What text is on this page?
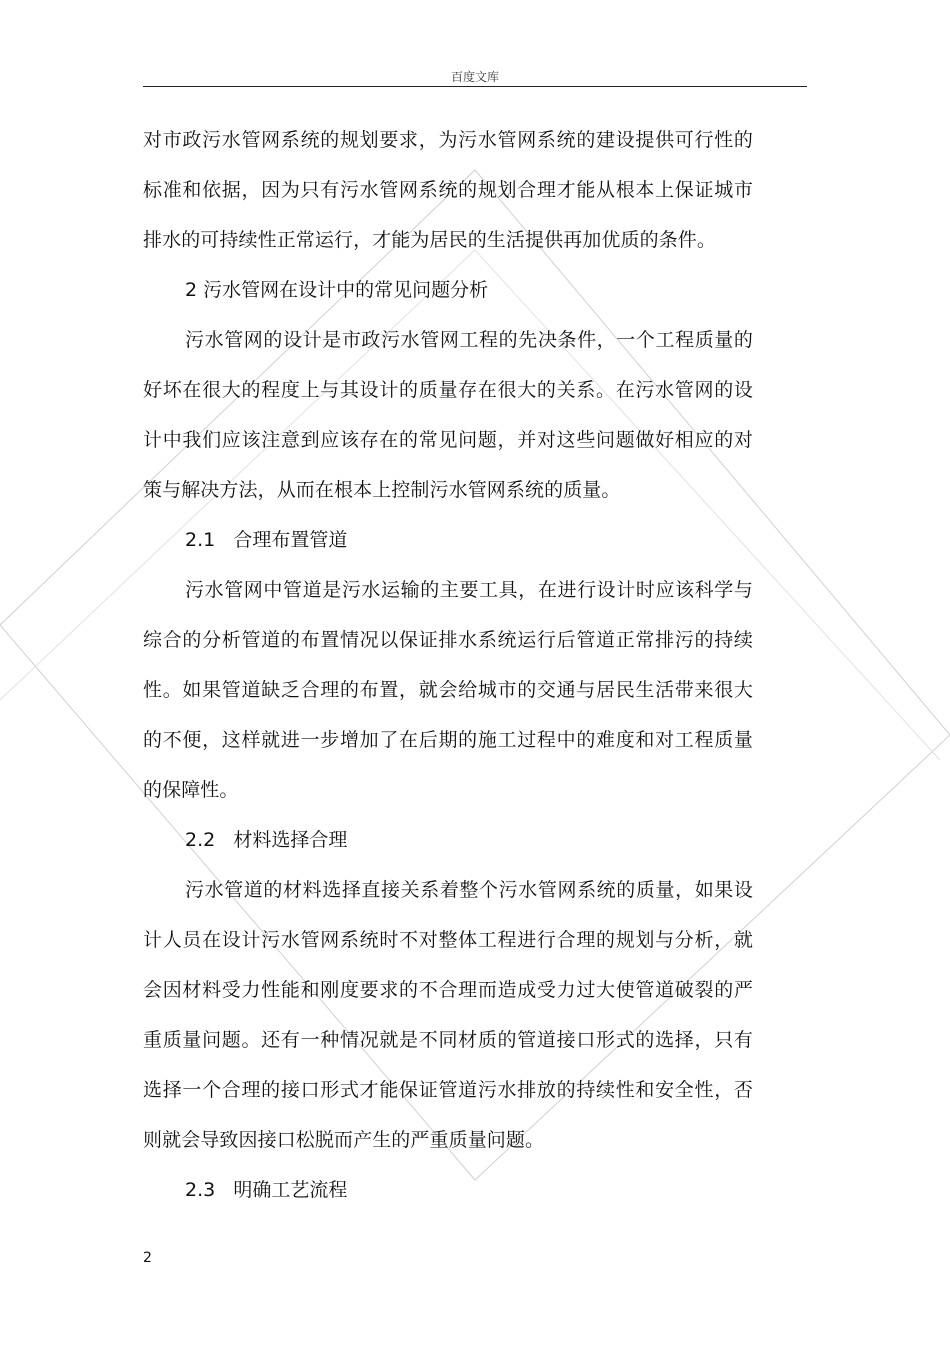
百度文库

对市政污水管网系统的规划要求，为污水管网系统的建设提供可行性的标准和依据，因为只有污水管网系统的规划合理才能从根本上保证城市排水的可持续性正常运行，才能为居民的生活提供再加优质的条件。

2 污水管网在设计中的常见问题分析

污水管网的设计是市政污水管网工程的先决条件，一个工程质量的好坏在很大的程度上与其设计的质量存在很大的关系。在污水管网的设计中我们应该注意到应该存在的常见问题，并对这些问题做好相应的对策与解决方法，从而在根本上控制污水管网系统的质量。

2.1 合理布置管道

污水管网中管道是污水运输的主要工具，在进行设计时应该科学与综合的分析管道的布置情况以保证排水系统运行后管道正常排污的持续性。如果管道缺乏合理的布置，就会给城市的交通与居民生活带来很大的不便，这样就进一步增加了在后期的施工过程中的难度和对工程质量的保障性。

2.2 材料选择合理

污水管道的材料选择直接关系着整个污水管网系统的质量，如果设计人员在设计污水管网系统时不对整体工程进行合理的规划与分析，就会因材料受力性能和刚度要求的不合理而造成受力过大使管道破裂的严重质量问题。还有一种情况就是不同材质的管道接口形式的选择，只有选择一个合理的接口形式才能保证管道污水排放的持续性和安全性，否则就会导致因接口松脱而产生的严重质量问题。

2.3 明确工艺流程

2
